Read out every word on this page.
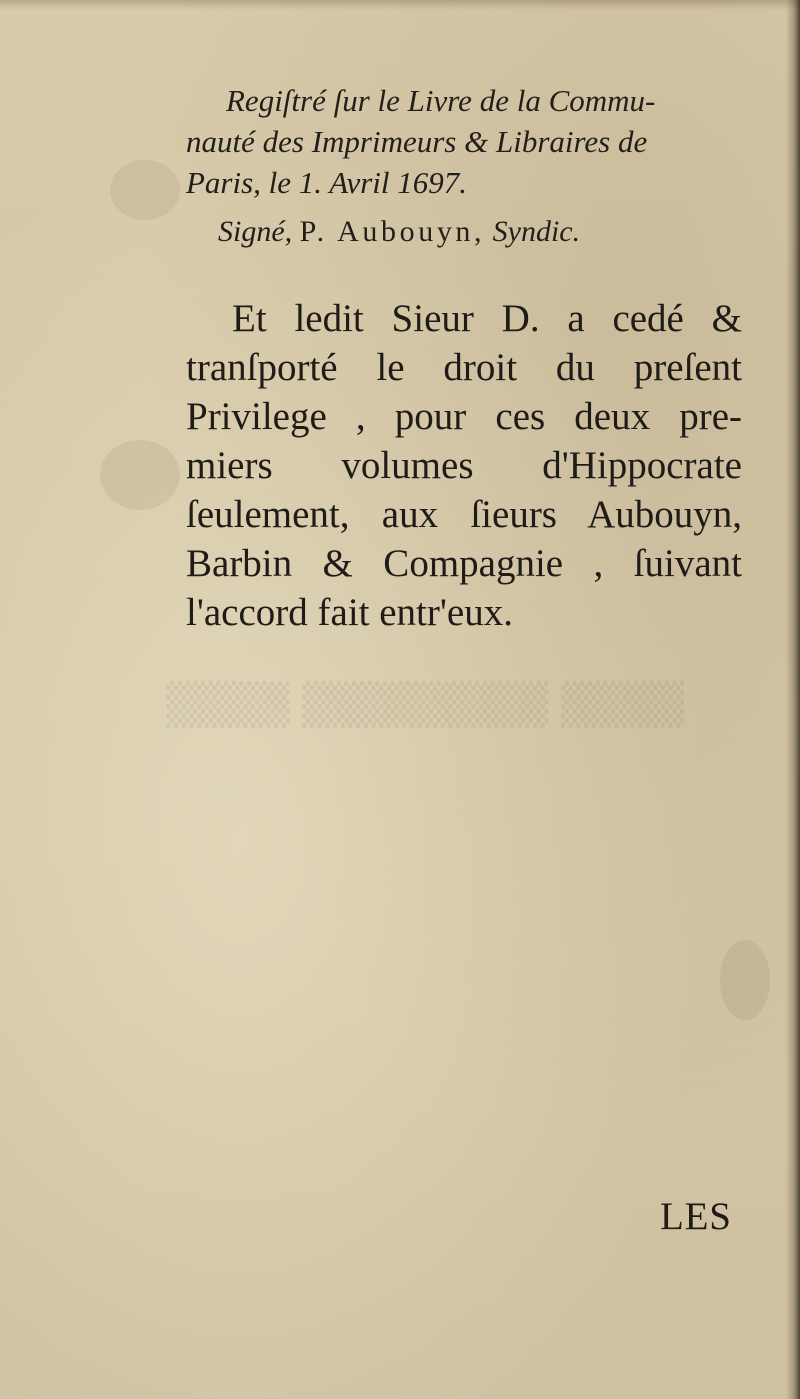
▒▒▒▒ ▒▒▒▒▒▒▒▒ ▒▒▒▒

Regiſtré ſur le Livre de la Commu-
nauté des Imprimeurs & Libraires de
Paris, le 1. Avril 1697.
Signé, P. Aubouyn, Syndic.
Et ledit Sieur D. a cedé &
tranſporté le droit du preſent
Privilege , pour ces deux pre-
miers volumes d'Hippocrate
ſeulement, aux ſieurs Aubouyn,
Barbin & Compagnie , ſuivant
l'accord fait entr'eux.
LES
